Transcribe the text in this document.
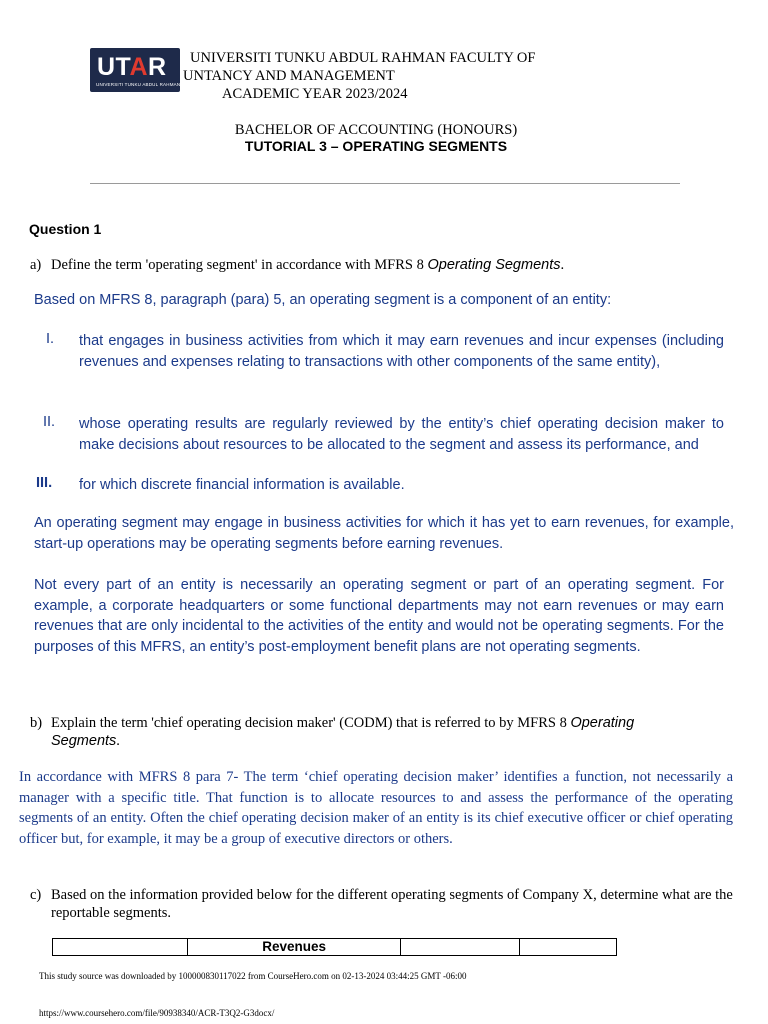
UTAR
UNIVERSITI TUNKU ABDUL RAHMAN
UNIVERSITI TUNKU ABDUL RAHMAN FACULTY OF
UNTANCY AND MANAGEMENT
ACADEMIC YEAR 2023/2024
BACHELOR OF ACCOUNTING (HONOURS)
TUTORIAL 3 – OPERATING SEGMENTS
Question 1
a) Define the term 'operating segment' in accordance with MFRS 8 Operating Segments.
Based on MFRS 8, paragraph (para) 5, an operating segment is a component of an entity:
I. that engages in business activities from which it may earn revenues and incur expenses (including revenues and expenses relating to transactions with other components of the same entity),
II. whose operating results are regularly reviewed by the entity’s chief operating decision maker to make decisions about resources to be allocated to the segment and assess its performance, and
III. for which discrete financial information is available.
An operating segment may engage in business activities for which it has yet to earn revenues, for example, start-up operations may be operating segments before earning revenues.
Not every part of an entity is necessarily an operating segment or part of an operating segment. For example, a corporate headquarters or some functional departments may not earn revenues or may earn revenues that are only incidental to the activities of the entity and would not be operating segments. For the purposes of this MFRS, an entity’s post-employment benefit plans are not operating segments.
b) Explain the term 'chief operating decision maker' (CODM) that is referred to by MFRS 8 Operating Segments.
In accordance with MFRS 8 para 7- The term ‘chief operating decision maker’ identifies a function, not necessarily a manager with a specific title. That function is to allocate resources to and assess the performance of the operating segments of an entity. Often the chief operating decision maker of an entity is its chief executive officer or chief operating officer but, for example, it may be a group of executive directors or others.
c) Based on the information provided below for the different operating segments of Company X, determine what are the reportable segments.
	Revenues		
This study source was downloaded by 100000830117022 from CourseHero.com on 02-13-2024 03:44:25 GMT -06:00
https://www.coursehero.com/file/90938340/ACR-T3Q2-G3docx/
